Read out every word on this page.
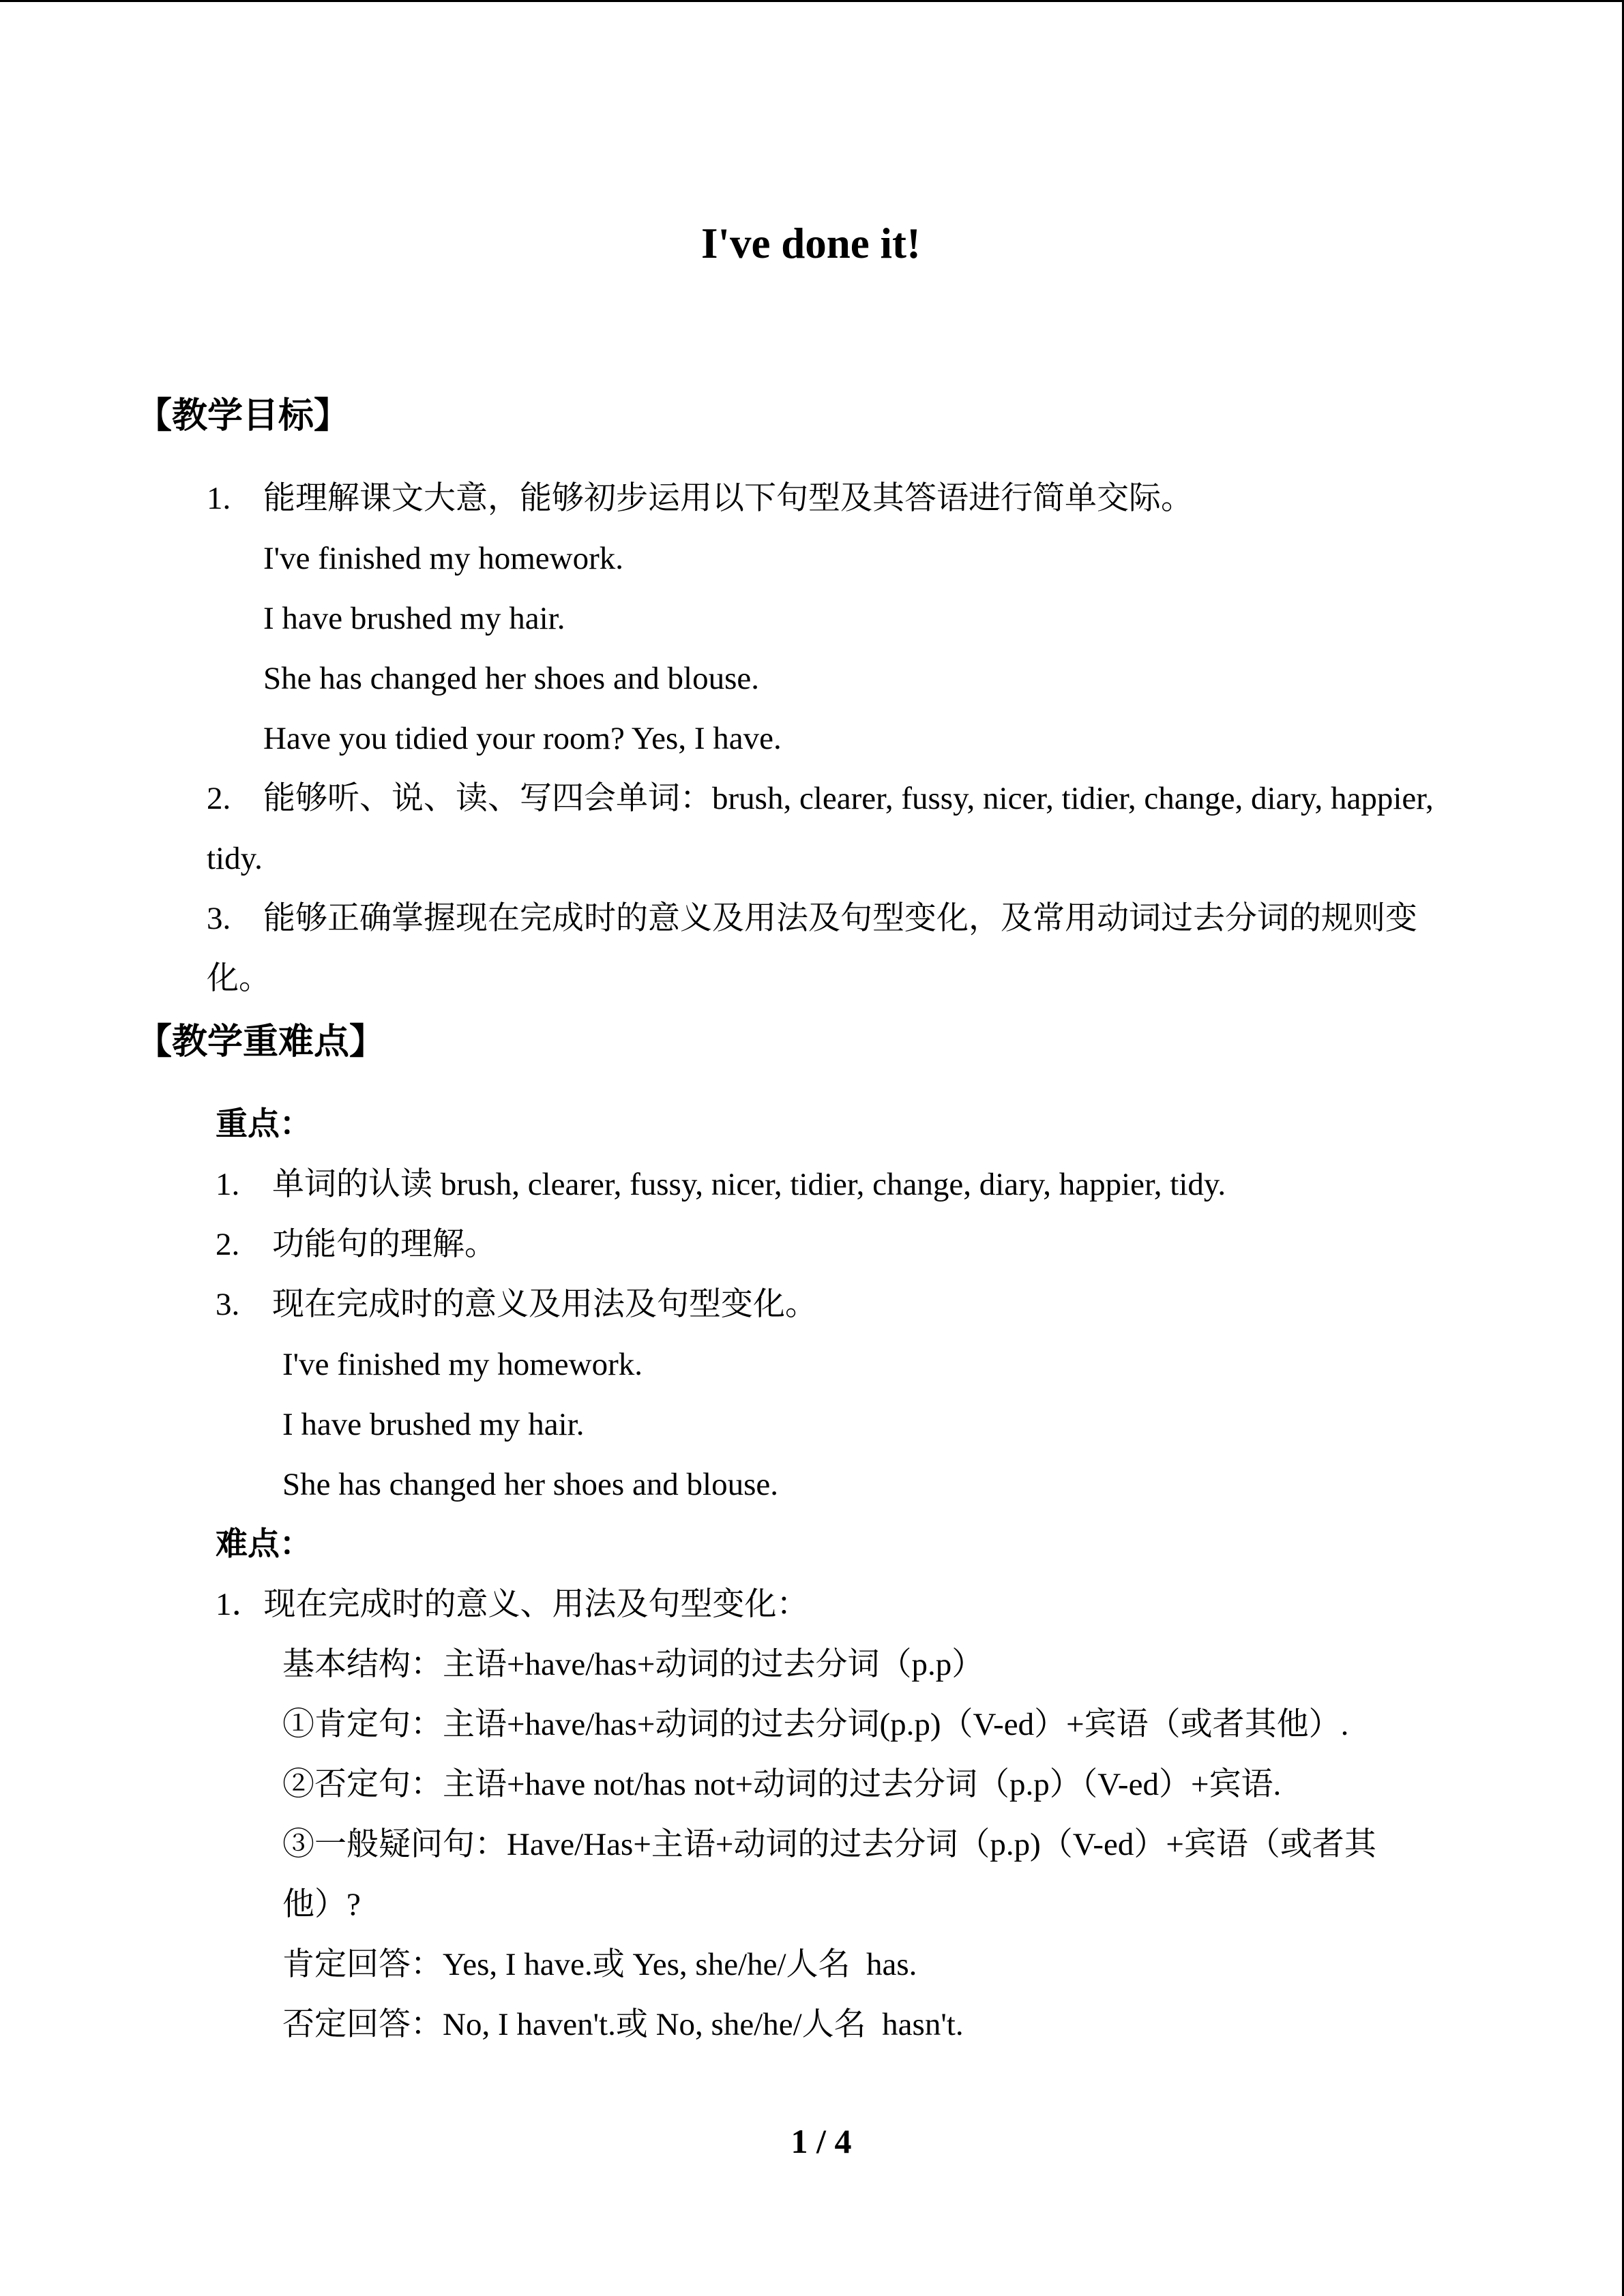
I've done it!
【教学目标】
1. 能理解课文大意，能够初步运用以下句型及其答语进行简单交际。
I've finished my homework.
I have brushed my hair.
She has changed her shoes and blouse.
Have you tidied your room? Yes, I have.
2. 能够听、说、读、写四会单词：brush, clearer, fussy, nicer, tidier, change, diary, happier,
tidy.
3. 能够正确掌握现在完成时的意义及用法及句型变化，及常用动词过去分词的规则变
化。
【教学重难点】
重点：
1. 单词的认读 brush, clearer, fussy, nicer, tidier, change, diary, happier, tidy.
2. 功能句的理解。
3. 现在完成时的意义及用法及句型变化。
I've finished my homework.
I have brushed my hair.
She has changed her shoes and blouse.
难点：
1．现在完成时的意义、用法及句型变化：
基本结构：主语+have/has+动词的过去分词（p.p）
①肯定句：主语+have/has+动词的过去分词(p.p)（V-ed）+宾语（或者其他）.
②否定句：主语+have not/has not+动词的过去分词（p.p）（V-ed）+宾语.
③一般疑问句：Have/Has+主语+动词的过去分词（p.p)（V-ed）+宾语（或者其
他）?
肯定回答：Yes, I have.或 Yes, she/he/人名  has.
否定回答：No, I haven't.或 No, she/he/人名  hasn't.
1 / 4
